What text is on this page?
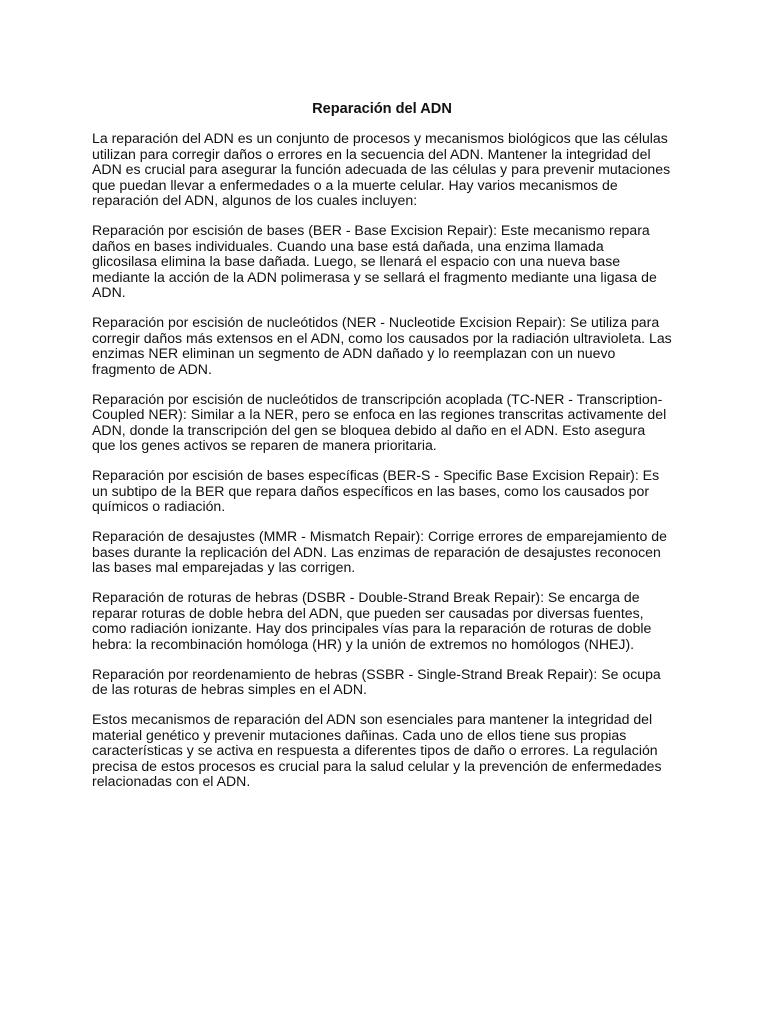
Reparación del ADN

La reparación del ADN es un conjunto de procesos y mecanismos biológicos que las células utilizan para corregir daños o errores en la secuencia del ADN. Mantener la integridad del ADN es crucial para asegurar la función adecuada de las células y para prevenir mutaciones que puedan llevar a enfermedades o a la muerte celular. Hay varios mecanismos de reparación del ADN, algunos de los cuales incluyen:

Reparación por escisión de bases (BER - Base Excision Repair): Este mecanismo repara daños en bases individuales. Cuando una base está dañada, una enzima llamada glicosilasa elimina la base dañada. Luego, se llenará el espacio con una nueva base mediante la acción de la ADN polimerasa y se sellará el fragmento mediante una ligasa de ADN.

Reparación por escisión de nucleótidos (NER - Nucleotide Excision Repair): Se utiliza para corregir daños más extensos en el ADN, como los causados por la radiación ultravioleta. Las enzimas NER eliminan un segmento de ADN dañado y lo reemplazan con un nuevo fragmento de ADN.

Reparación por escisión de nucleótidos de transcripción acoplada (TC-NER - Transcription-Coupled NER): Similar a la NER, pero se enfoca en las regiones transcritas activamente del ADN, donde la transcripción del gen se bloquea debido al daño en el ADN. Esto asegura que los genes activos se reparen de manera prioritaria.

Reparación por escisión de bases específicas (BER-S - Specific Base Excision Repair): Es un subtipo de la BER que repara daños específicos en las bases, como los causados por químicos o radiación.

Reparación de desajustes (MMR - Mismatch Repair): Corrige errores de emparejamiento de bases durante la replicación del ADN. Las enzimas de reparación de desajustes reconocen las bases mal emparejadas y las corrigen.

Reparación de roturas de hebras (DSBR - Double-Strand Break Repair): Se encarga de reparar roturas de doble hebra del ADN, que pueden ser causadas por diversas fuentes, como radiación ionizante. Hay dos principales vías para la reparación de roturas de doble hebra: la recombinación homóloga (HR) y la unión de extremos no homólogos (NHEJ).

Reparación por reordenamiento de hebras (SSBR - Single-Strand Break Repair): Se ocupa de las roturas de hebras simples en el ADN.

Estos mecanismos de reparación del ADN son esenciales para mantener la integridad del material genético y prevenir mutaciones dañinas. Cada uno de ellos tiene sus propias características y se activa en respuesta a diferentes tipos de daño o errores. La regulación precisa de estos procesos es crucial para la salud celular y la prevención de enfermedades relacionadas con el ADN.
